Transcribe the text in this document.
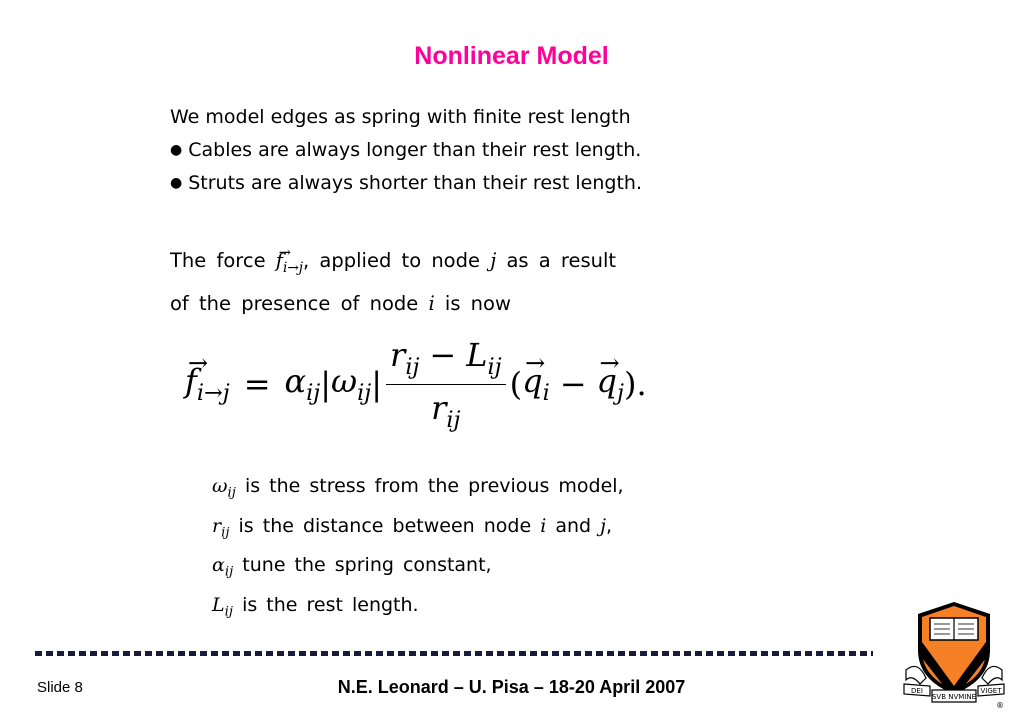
Nonlinear Model
We model edges as spring with finite rest length
● Cables are always longer than their rest length.
● Struts are always shorter than their rest length.
The force → $f_{i\to j}$, applied to node j as a result
of the presence of node i is now
→ $f_{i\to j} = \alpha_{ij}$ | $\omega_{ij}$ | $\frac{r_{ij} - L_{ij}}{r_{ij}}$ ( → $q_i$ − → $q_j$ ).
$\omega_{ij}$ is the stress from the previous model,
$r_{ij}$ is the distance between node i and j,
$\alpha_{ij}$ tune the spring constant,
$L_{ij}$ is the rest length.
Slide 8	N.E. Leonard – U. Pisa – 18-20 April 2007	DEI
SVB NVMINE
VIGET
®
